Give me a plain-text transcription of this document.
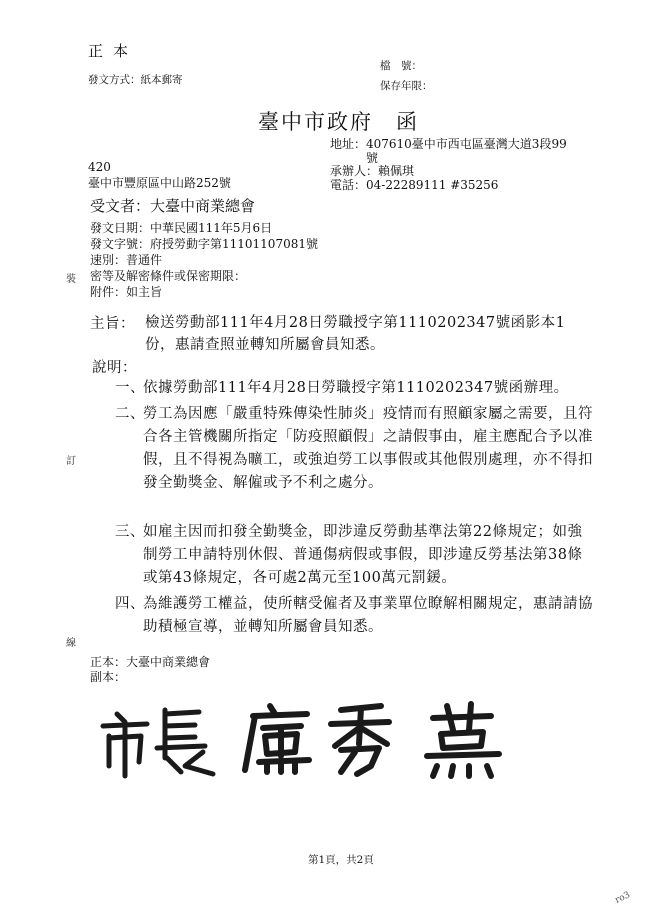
正本
發文方式：紙本郵寄
檔　號：
保存年限：
臺中市政府　函
地址：407610臺中市西屯區臺灣大道3段99
　　　號
承辦人：賴佩琪
電話：04-22289111 #35256
420
臺中市豐原區中山路252號
受文者：大臺中商業總會
發文日期：中華民國111年5月6日
發文字號：府授勞動字第11101107081號
速別：普通件
密等及解密條件或保密期限：
附件：如主旨
裝
訂
線
主旨： 檢送勞動部111年4月28日勞職授字第1110202347號函影本1份，惠請查照並轉知所屬會員知悉。
說明：
一、依據勞動部111年4月28日勞職授字第1110202347號函辦理。
二、勞工為因應「嚴重特殊傳染性肺炎」疫情而有照顧家屬之需要，且符合各主管機關所指定「防疫照顧假」之請假事由，雇主應配合予以准假，且不得視為曠工，或強迫勞工以事假或其他假別處理，亦不得扣發全勤獎金、解僱或予不利之處分。
三、如雇主因而扣發全勤獎金，即涉違反勞動基準法第22條規定；如強制勞工申請特別休假、普通傷病假或事假，即涉違反勞基法第38條或第43條規定，各可處2萬元至100萬元罰鍰。
四、為維護勞工權益，使所轄受僱者及事業單位瞭解相關規定，惠請請協助積極宣導，並轉知所屬會員知悉。
正本：大臺中商業總會
副本：
第1頁，共2頁
ro3
